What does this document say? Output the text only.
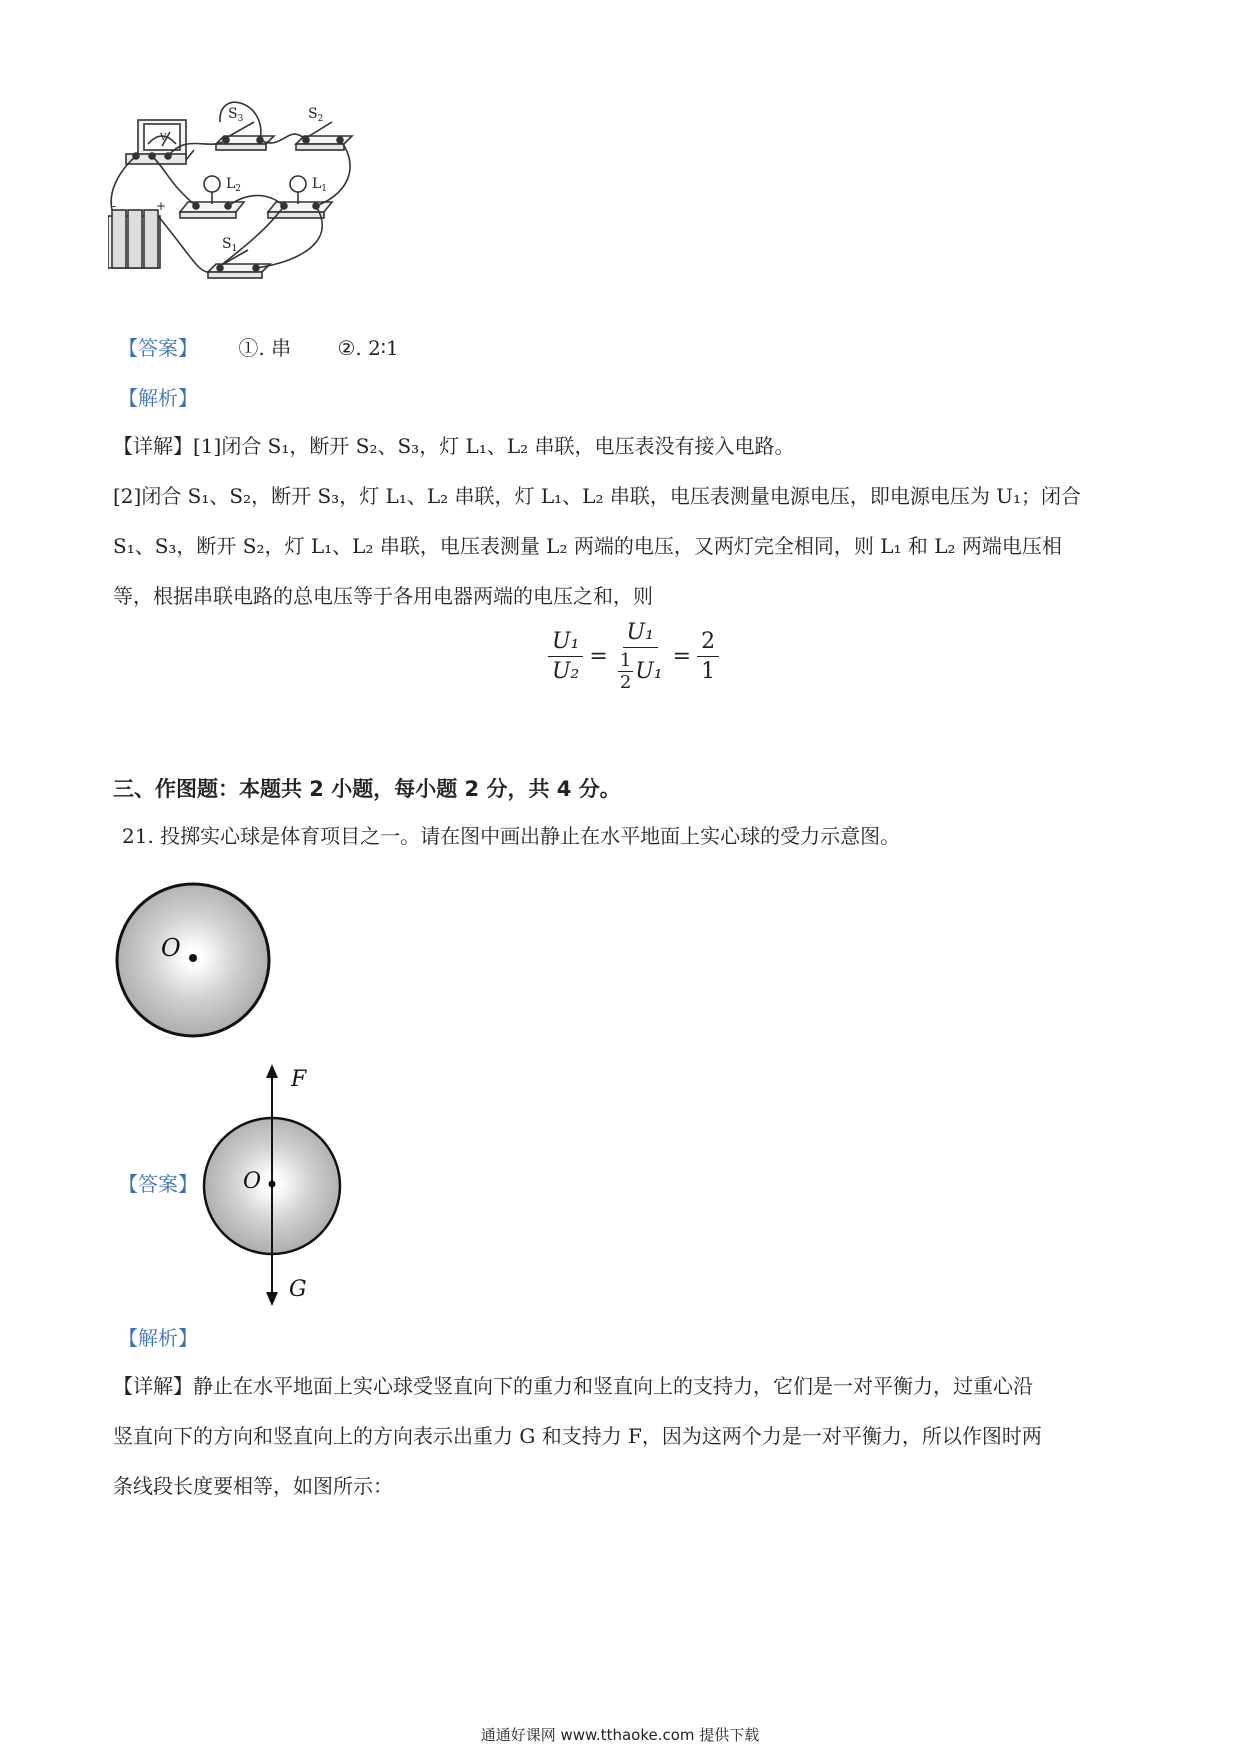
$S_3$	$S_2$
$L_2$	$L_1$
$S_1$
-	+
V
【答案】 ①. 串 ②. 2∶1
【解析】
【详解】[1]闭合 S₁，断开 S₂、S₃，灯 L₁、L₂ 串联，电压表没有接入电路。
[2]闭合 S₁、S₂，断开 S₃，灯 L₁、L₂ 串联，灯 L₁、L₂ 串联，电压表测量电源电压，即电源电压为 U₁；闭合
S₁、S₃，断开 S₂，灯 L₁、L₂ 串联，电压表测量 L₂ 两端的电压，又两灯完全相同，则 L₁ 和 L₂ 两端电压相
等，根据串联电路的总电压等于各用电器两端的电压之和，则
$\frac{\text{U₁}}{\text{U₂}} = \frac{\text{U₁}}{\frac{1}{2} U_1} = \frac{2}{1}$
三、作图题：本题共 2 小题，每小题 2 分，共 4 分。
21. 投掷实心球是体育项目之一。请在图中画出静止在水平地面上实心球的受力示意图。
O
【答案】
F
G
O
【解析】
【详解】静止在水平地面上实心球受竖直向下的重力和竖直向上的支持力，它们是一对平衡力，过重心沿
竖直向下的方向和竖直向上的方向表示出重力 G 和支持力 F，因为这两个力是一对平衡力，所以作图时两
条线段长度要相等，如图所示：
通通好课网 www.tthaoke.com 提供下载
